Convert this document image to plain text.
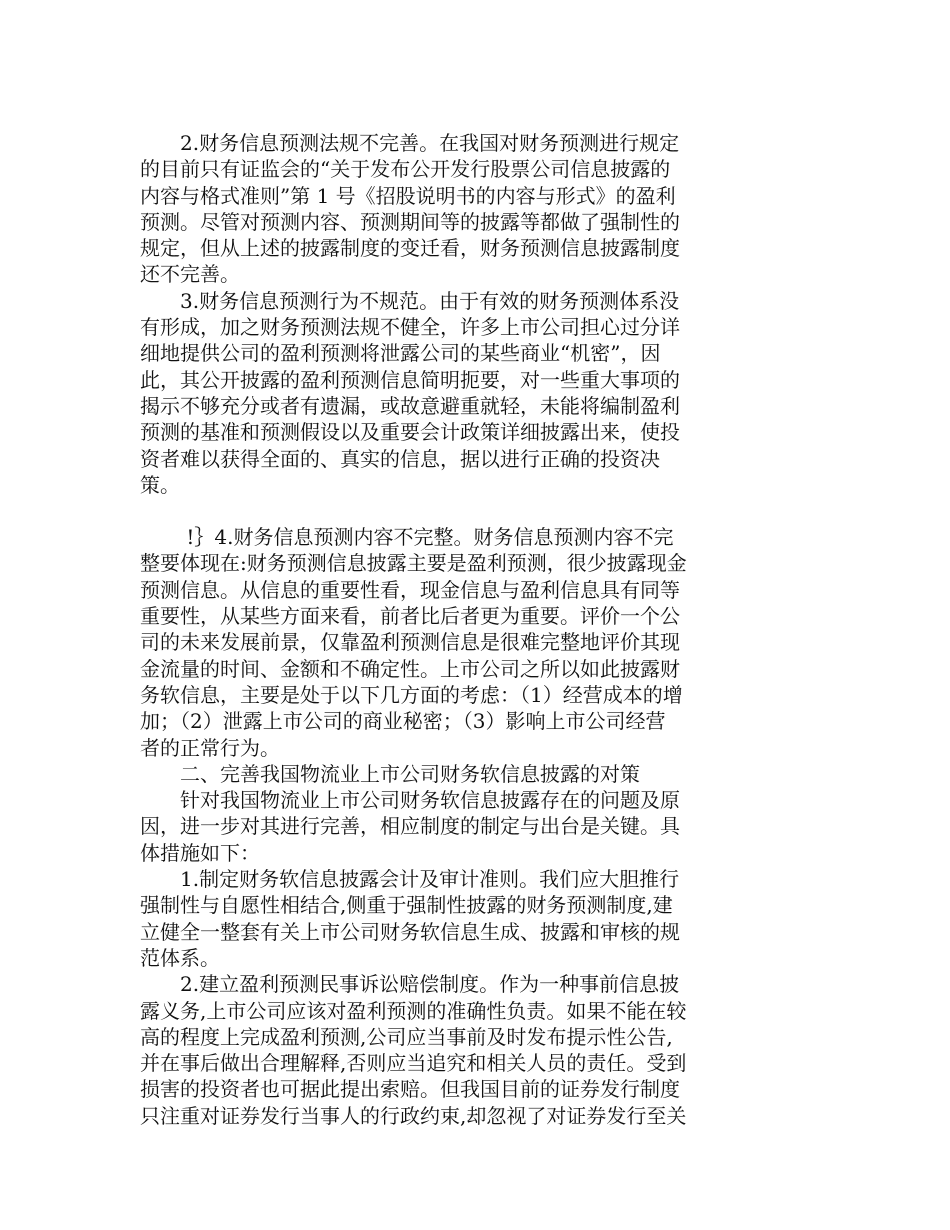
　　2.财务信息预测法规不完善。在我国对财务预测进行规定
的目前只有证监会的“关于发布公开发行股票公司信息披露的
内容与格式准则”第 1 号《招股说明书的内容与形式》的盈利
预测。尽管对预测内容、预测期间等的披露等都做了强制性的
规定，但从上述的披露制度的变迁看，财务预测信息披露制度
还不完善。
　　3.财务信息预测行为不规范。由于有效的财务预测体系没
有形成，加之财务预测法规不健全，许多上市公司担心过分详
细地提供公司的盈利预测将泄露公司的某些商业“机密”，因
此，其公开披露的盈利预测信息简明扼要，对一些重大事项的
揭示不够充分或者有遗漏，或故意避重就轻，未能将编制盈利
预测的基准和预测假设以及重要会计政策详细披露出来，使投
资者难以获得全面的、真实的信息，据以进行正确的投资决
策。
　　 !｝4.财务信息预测内容不完整。财务信息预测内容不完
整要体现在:财务预测信息披露主要是盈利预测，很少披露现金
预测信息。从信息的重要性看，现金信息与盈利信息具有同等
重要性，从某些方面来看，前者比后者更为重要。评价一个公
司的未来发展前景，仅靠盈利预测信息是很难完整地评价其现
金流量的时间、金额和不确定性。上市公司之所以如此披露财
务软信息，主要是处于以下几方面的考虑：（1）经营成本的增
加；（2）泄露上市公司的商业秘密；（3）影响上市公司经营
者的正常行为。
　　二、完善我国物流业上市公司财务软信息披露的对策
　　针对我国物流业上市公司财务软信息披露存在的问题及原
因，进一步对其进行完善，相应制度的制定与出台是关键。具
体措施如下：
　　1.制定财务软信息披露会计及审计准则。我们应大胆推行
强制性与自愿性相结合,侧重于强制性披露的财务预测制度,建
立健全一整套有关上市公司财务软信息生成、披露和审核的规
范体系。
　　2.建立盈利预测民事诉讼赔偿制度。作为一种事前信息披
露义务,上市公司应该对盈利预测的准确性负责。如果不能在较
高的程度上完成盈利预测,公司应当事前及时发布提示性公告,
并在事后做出合理解释,否则应当追究和相关人员的责任。受到
损害的投资者也可据此提出索赔。但我国目前的证券发行制度
只注重对证券发行当事人的行政约束,却忽视了对证券发行至关
